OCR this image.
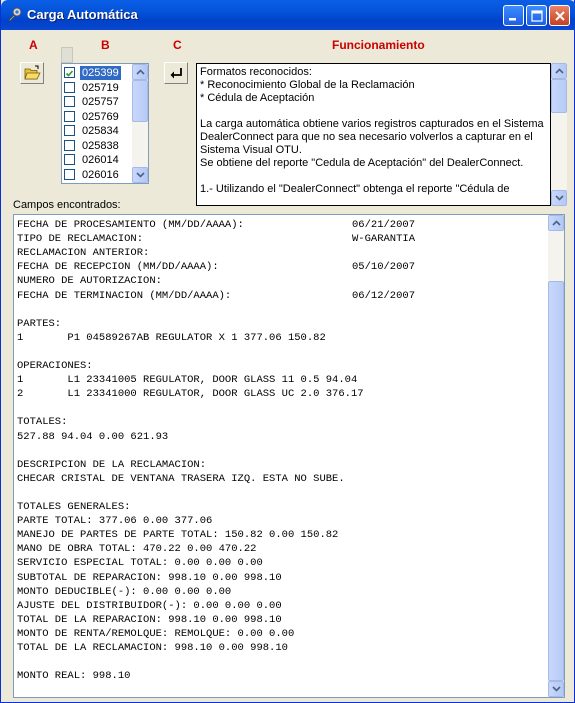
Carga Automática
A	B	C	Funcionamiento
025399
025719
025757
025769
025834
025838
026014
026016
Formatos reconocidos:
* Reconocimiento Global de la Reclamación
* Cédula de Aceptación
La carga automática obtiene varios registros capturados en el Sistema
DealerConnect para que no sea necesario volverlos a capturar en el
Sistema Visual OTU.
Se obtiene del reporte "Cedula de Aceptación" del DealerConnect.
1.- Utilizando el "DealerConnect" obtenga el reporte "Cédula de
Campos encontrados:
FECHA DE PROCESAMIENTO (MM/DD/AAAA):	06/21/2007
TIPO DE RECLAMACION:	W-GARANTIA
RECLAMACION ANTERIOR:
FECHA DE RECEPCION (MM/DD/AAAA):	05/10/2007
NUMERO DE AUTORIZACION:
FECHA DE TERMINACION (MM/DD/AAAA):	06/12/2007
PARTES:
1       P1 04589267AB REGULATOR X 1 377.06 150.82
OPERACIONES:
1       L1 23341005 REGULATOR, DOOR GLASS 11 0.5 94.04
2       L1 23341000 REGULATOR, DOOR GLASS UC 2.0 376.17
TOTALES:
527.88 94.04 0.00 621.93
DESCRIPCION DE LA RECLAMACION:
CHECAR CRISTAL DE VENTANA TRASERA IZQ. ESTA NO SUBE.
TOTALES GENERALES:
PARTE TOTAL: 377.06 0.00 377.06
MANEJO DE PARTES DE PARTE TOTAL: 150.82 0.00 150.82
MANO DE OBRA TOTAL: 470.22 0.00 470.22
SERVICIO ESPECIAL TOTAL: 0.00 0.00 0.00
SUBTOTAL DE REPARACION: 998.10 0.00 998.10
MONTO DEDUCIBLE(-): 0.00 0.00 0.00
AJUSTE DEL DISTRIBUIDOR(-): 0.00 0.00 0.00
TOTAL DE LA REPARACION: 998.10 0.00 998.10
MONTO DE RENTA/REMOLQUE: REMOLQUE: 0.00 0.00
TOTAL DE LA RECLAMACION: 998.10 0.00 998.10
MONTO REAL: 998.10
